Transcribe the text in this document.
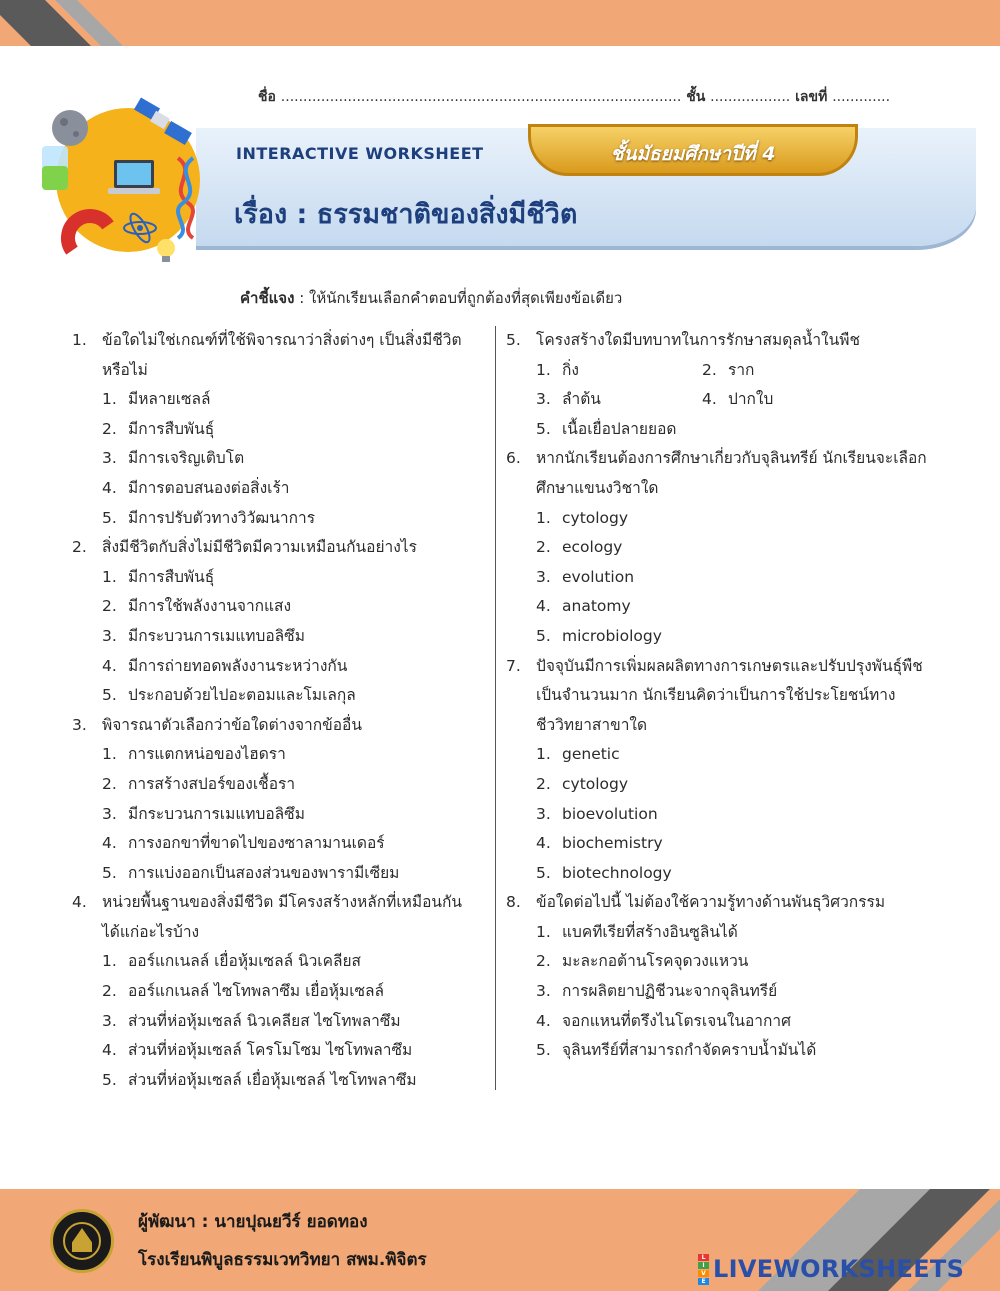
ชื่อ .......................................................................................... ชั้น .................. เลขที่ .............
ชั้นมัธยมศึกษาปีที่ 4
INTERACTIVE WORKSHEET
เรื่อง : ธรรมชาติของสิ่งมีชีวิต
คำชี้แจง : ให้นักเรียนเลือกคำตอบที่ถูกต้องที่สุดเพียงข้อเดียว
1. ข้อใดไม่ใช่เกณฑ์ที่ใช้พิจารณาว่าสิ่งต่างๆ เป็นสิ่งมีชีวิตหรือไม่
1. มีหลายเซลล์
2. มีการสืบพันธุ์
3. มีการเจริญเติบโต
4. มีการตอบสนองต่อสิ่งเร้า
5. มีการปรับตัวทางวิวัฒนาการ
2. สิ่งมีชีวิตกับสิ่งไม่มีชีวิตมีความเหมือนกันอย่างไร
1. มีการสืบพันธุ์
2. มีการใช้พลังงานจากแสง
3. มีกระบวนการเมแทบอลิซึม
4. มีการถ่ายทอดพลังงานระหว่างกัน
5. ประกอบด้วยไปอะตอมและโมเลกุล
3. พิจารณาตัวเลือกว่าข้อใดต่างจากข้ออื่น
1. การแตกหน่อของไฮดรา
2. การสร้างสปอร์ของเชื้อรา
3. มีกระบวนการเมแทบอลิซึม
4. การงอกขาที่ขาดไปของซาลามานเดอร์
5. การแบ่งออกเป็นสองส่วนของพารามีเซียม
4. หน่วยพื้นฐานของสิ่งมีชีวิต มีโครงสร้างหลักที่เหมือนกันได้แก่อะไรบ้าง
1. ออร์แกเนลล์ เยื่อหุ้มเซลล์ นิวเคลียส
2. ออร์แกเนลล์ ไซโทพลาซึม เยื่อหุ้มเซลล์
3. ส่วนที่ห่อหุ้มเซลล์ นิวเคลียส ไซโทพลาซึม
4. ส่วนที่ห่อหุ้มเซลล์ โครโมโซม ไซโทพลาซึม
5. ส่วนที่ห่อหุ้มเซลล์ เยื่อหุ้มเซลล์ ไซโทพลาซึม
5. โครงสร้างใดมีบทบาทในการรักษาสมดุลน้ำในพืช
1. กิ่ง	2. ราก
3. ลำต้น	4. ปากใบ
5. เนื้อเยื่อปลายยอด
6. หากนักเรียนต้องการศึกษาเกี่ยวกับจุลินทรีย์ นักเรียนจะเลือกศึกษาแขนงวิชาใด
1. cytology
2. ecology
3. evolution
4. anatomy
5. microbiology
7. ปัจจุบันมีการเพิ่มผลผลิตทางการเกษตรและปรับปรุงพันธุ์พืชเป็นจำนวนมาก นักเรียนคิดว่าเป็นการใช้ประโยชน์ทางชีววิทยาสาขาใด
1. genetic
2. cytology
3. bioevolution
4. biochemistry
5. biotechnology
8. ข้อใดต่อไปนี้ ไม่ต้องใช้ความรู้ทางด้านพันธุวิศวกรรม
1. แบคทีเรียที่สร้างอินซูลินได้
2. มะละกอต้านโรคจุดวงแหวน
3. การผลิตยาปฏิชีวนะจากจุลินทรีย์
4. จอกแหนที่ตรึงไนโตรเจนในอากาศ
5. จุลินทรีย์ที่สามารถกำจัดคราบน้ำมันได้
ผู้พัฒนา : นายปุณยวีร์ ยอดทอง
โรงเรียนพิบูลธรรมเวทวิทยา สพม.พิจิตร	L
I
V
E LIVEWORKSHEETS
